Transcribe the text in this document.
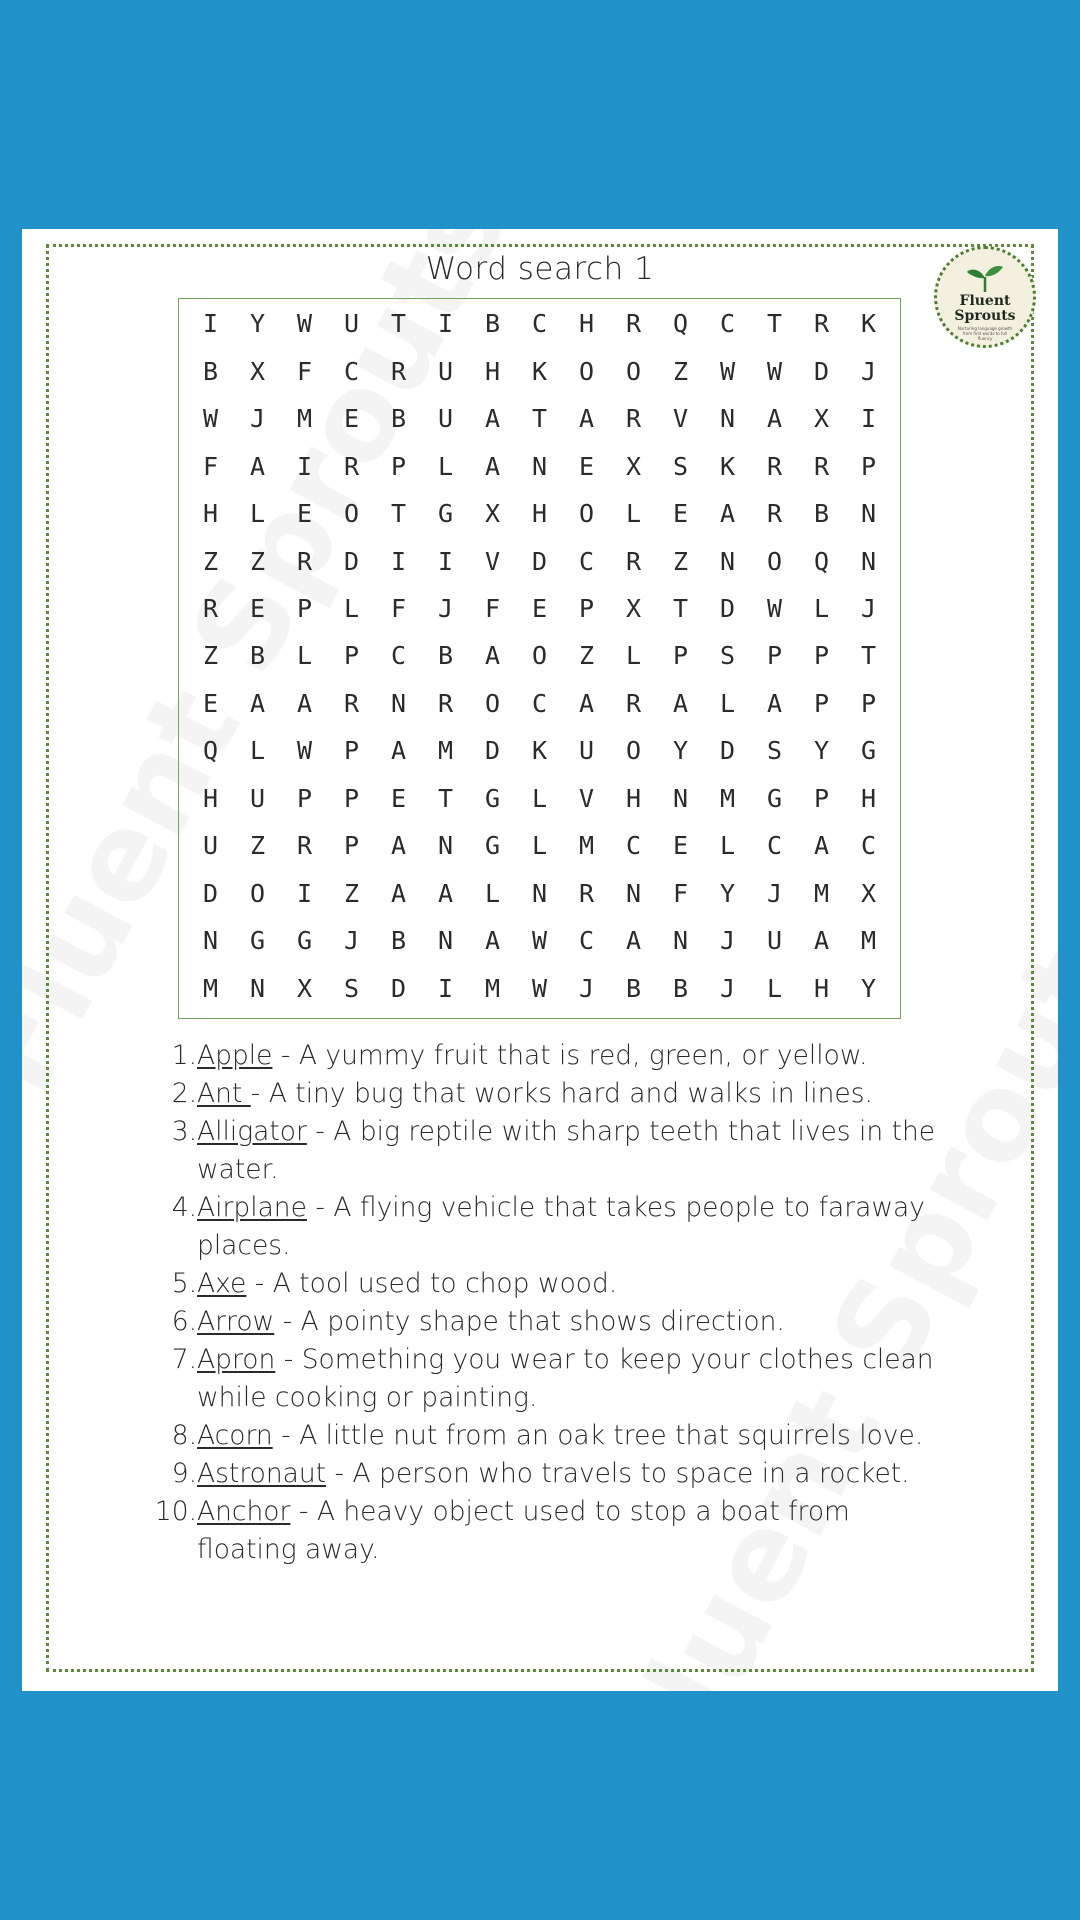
Word search 1
Fluent
Sprouts
Nurturing language growth from first words to full fluency
I	Y	W	U	T	I	B	C	H	R	Q	C	T	R	K
B	X	F	C	R	U	H	K	O	O	Z	W	W	D	J
W	J	M	E	B	U	A	T	A	R	V	N	A	X	I
F	A	I	R	P	L	A	N	E	X	S	K	R	R	P
H	L	E	O	T	G	X	H	O	L	E	A	R	B	N
Z	Z	R	D	I	I	V	D	C	R	Z	N	O	Q	N
R	E	P	L	F	J	F	E	P	X	T	D	W	L	J
Z	B	L	P	C	B	A	O	Z	L	P	S	P	P	T
E	A	A	R	N	R	O	C	A	R	A	L	A	P	P
Q	L	W	P	A	M	D	K	U	O	Y	D	S	Y	G
H	U	P	P	E	T	G	L	V	H	N	M	G	P	H
U	Z	R	P	A	N	G	L	M	C	E	L	C	A	C
D	O	I	Z	A	A	L	N	R	N	F	Y	J	M	X
N	G	G	J	B	N	A	W	C	A	N	J	U	A	M
M	N	X	S	D	I	M	W	J	B	B	J	L	H	Y
1. Apple - A yummy fruit that is red, green, or yellow.
2. Ant - A tiny bug that works hard and walks in lines.
3. Alligator - A big reptile with sharp teeth that lives in the water.
4. Airplane - A flying vehicle that takes people to faraway places.
5. Axe - A tool used to chop wood.
6. Arrow - A pointy shape that shows direction.
7. Apron - Something you wear to keep your clothes clean while cooking or painting.
8. Acorn - A little nut from an oak tree that squirrels love.
9. Astronaut - A person who travels to space in a rocket.
10. Anchor - A heavy object used to stop a boat from floating away.
